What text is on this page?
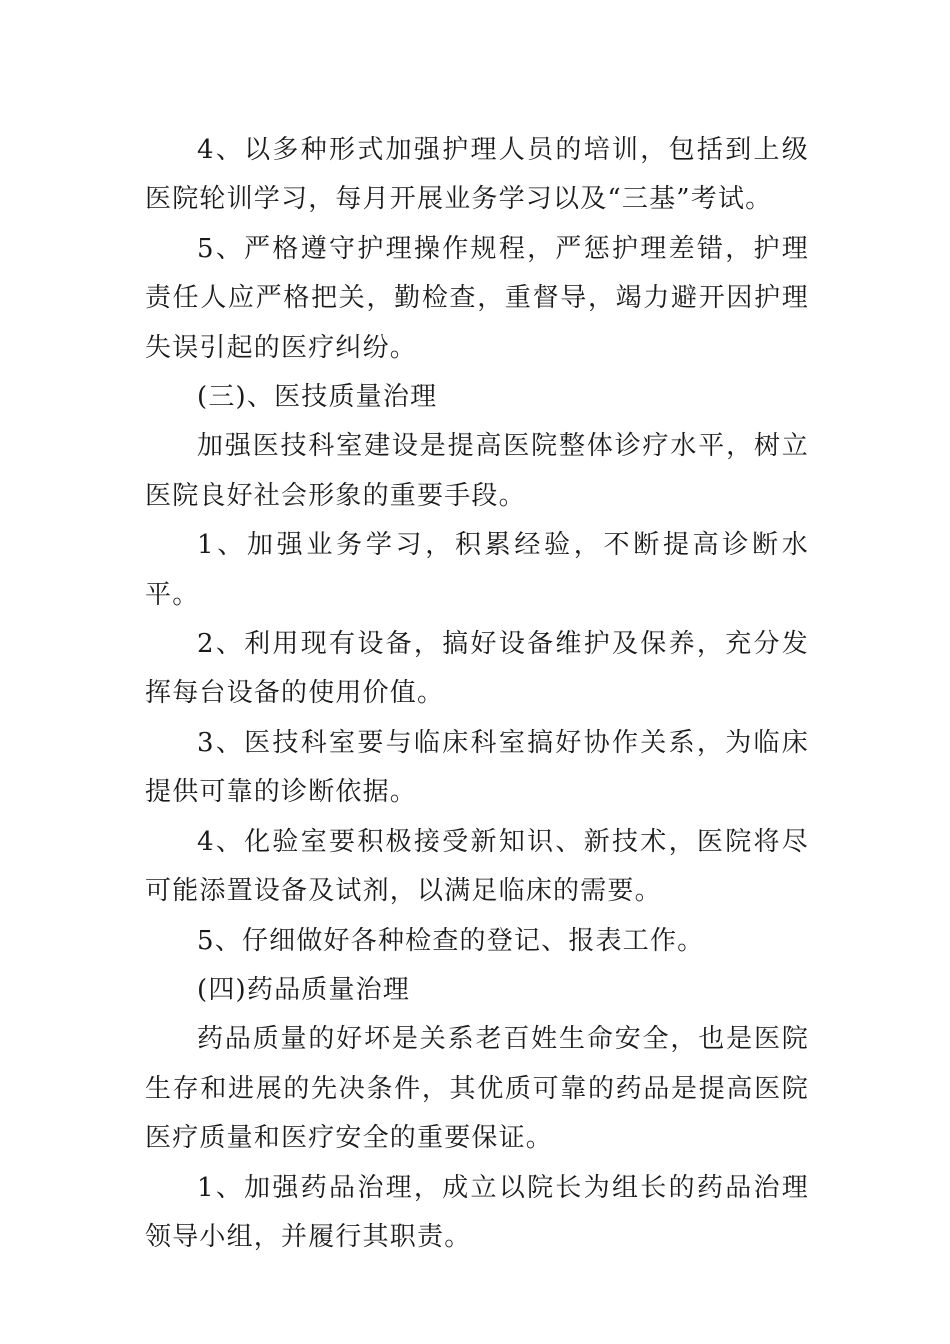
4、以多种形式加强护理人员的培训，包括到上级医院轮训学习，每月开展业务学习以及“三基”考试。

5、严格遵守护理操作规程，严惩护理差错，护理责任人应严格把关，勤检查，重督导，竭力避开因护理失误引起的医疗纠纷。

(三)、医技质量治理

加强医技科室建设是提高医院整体诊疗水平，树立医院良好社会形象的重要手段。

1、加强业务学习，积累经验，不断提高诊断水平。

2、利用现有设备，搞好设备维护及保养，充分发挥每台设备的使用价值。

3、医技科室要与临床科室搞好协作关系，为临床提供可靠的诊断依据。

4、化验室要积极接受新知识、新技术，医院将尽可能添置设备及试剂，以满足临床的需要。

5、仔细做好各种检查的登记、报表工作。

(四)药品质量治理

药品质量的好坏是关系老百姓生命安全，也是医院生存和进展的先决条件，其优质可靠的药品是提高医院医疗质量和医疗安全的重要保证。

1、加强药品治理，成立以院长为组长的药品治理领导小组，并履行其职责。
